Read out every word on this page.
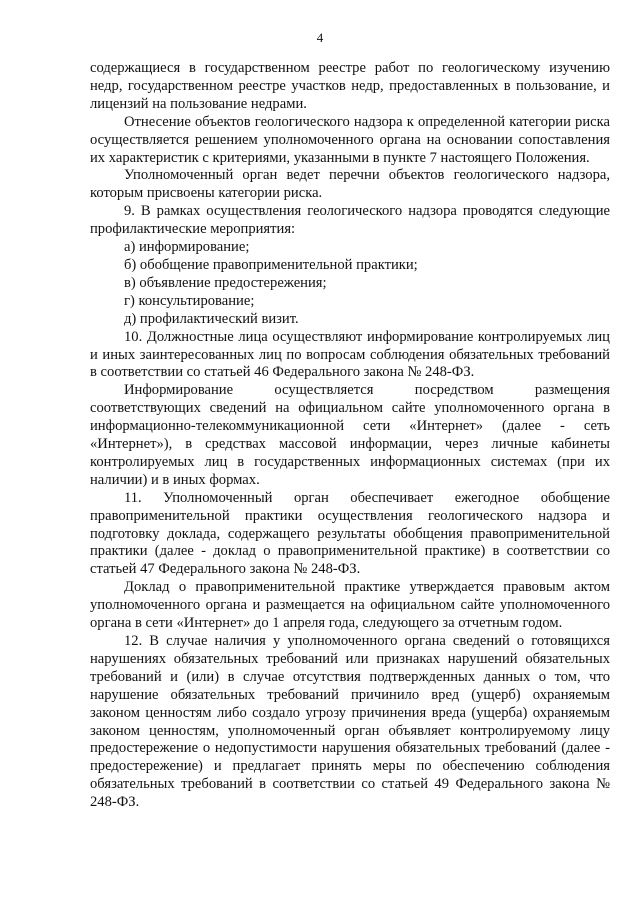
4

содержащиеся в государственном реестре работ по геологическому изучению недр, государственном реестре участков недр, предоставленных в пользование, и лицензий на пользование недрами.

Отнесение объектов геологического надзора к определенной категории риска осуществляется решением уполномоченного органа на основании сопоставления их характеристик с критериями, указанными в пункте 7 настоящего Положения.

Уполномоченный орган ведет перечни объектов геологического надзора, которым присвоены категории риска.

9. В рамках осуществления геологического надзора проводятся следующие профилактические мероприятия:

а) информирование;

б) обобщение правоприменительной практики;

в) объявление предостережения;

г) консультирование;

д) профилактический визит.

10. Должностные лица осуществляют информирование контролируемых лиц и иных заинтересованных лиц по вопросам соблюдения обязательных требований в соответствии со статьей 46 Федерального закона № 248-ФЗ.

Информирование осуществляется посредством размещения соответствующих сведений на официальном сайте уполномоченного органа в информационно-телекоммуникационной сети «Интернет» (далее - сеть «Интернет»), в средствах массовой информации, через личные кабинеты контролируемых лиц в государственных информационных системах (при их наличии) и в иных формах.

11. Уполномоченный орган обеспечивает ежегодное обобщение правоприменительной практики осуществления геологического надзора и подготовку доклада, содержащего результаты обобщения правоприменительной практики (далее - доклад о правоприменительной практике) в соответствии со статьей 47 Федерального закона № 248-ФЗ.

Доклад о правоприменительной практике утверждается правовым актом уполномоченного органа и размещается на официальном сайте уполномоченного органа в сети «Интернет» до 1 апреля года, следующего за отчетным годом.

12. В случае наличия у уполномоченного органа сведений о готовящихся нарушениях обязательных требований или признаках нарушений обязательных требований и (или) в случае отсутствия подтвержденных данных о том, что нарушение обязательных требований причинило вред (ущерб) охраняемым законом ценностям либо создало угрозу причинения вреда (ущерба) охраняемым законом ценностям, уполномоченный орган объявляет контролируемому лицу предостережение о недопустимости нарушения обязательных требований (далее - предостережение) и предлагает принять меры по обеспечению соблюдения обязательных требований в соответствии со статьей 49 Федерального закона № 248-ФЗ.
